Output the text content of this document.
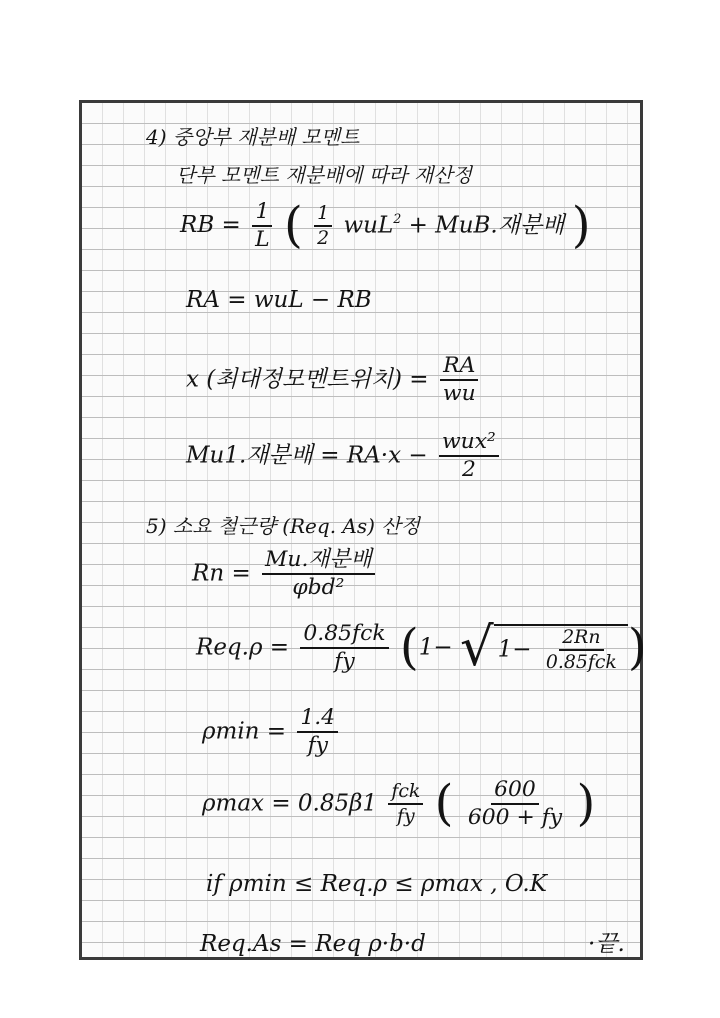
4) 중앙부 재분배 모멘트
단부 모멘트 재분배에 따라 재산정
RB = $\frac{1}{L}$ ( $\frac{1}{2} wuL^2$ + MuB.재분배 )
RA = wuL − RB
x (최대정모멘트위치) = $\frac{RA}{wu}$
Mu1.재분배 = $RA\cdot x - \frac{\text{wux²}}{2}$
5) 소요 철근량 (Req. As) 산정
$Rn = \frac{\text{Mu.재분배}}{\text{φbd²}}$
$Req.\rho = \frac{\text{0.85fck}}{fy} (1-$ √ $1- \frac{2Rn}{\text{0.85fck}}$ )
$\rho\min = \frac{1.4}{fy}$
$\rho\max = 0.85\beta 1 \frac{\text{fck}}{fy}$ ( $\frac{600}{600 + fy}$ )
if ρmin ≤ Req.ρ ≤ ρmax , O.K
Req.As = Req ρ·b·d	·끝.
